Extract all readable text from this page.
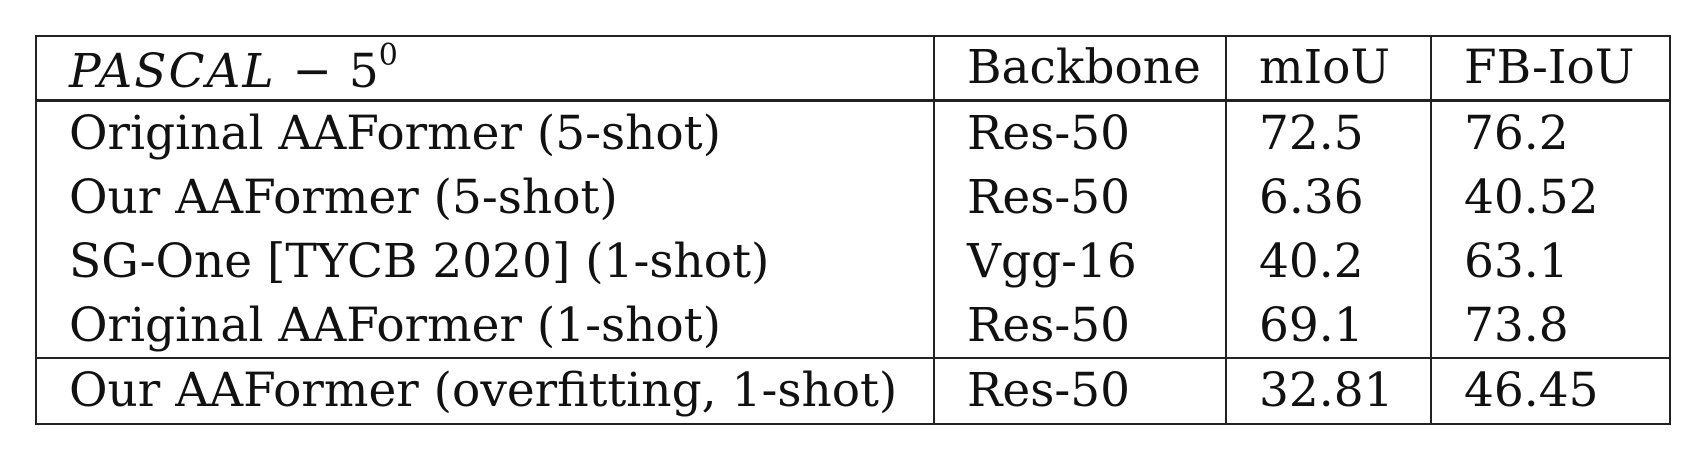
PASCAL − $5^0$	Backbone	mIoU	FB-IoU
Original AAFormer (5-shot)	Res-50	72.5	76.2
Our AAFormer (5-shot)	Res-50	6.36	40.52
SG-One [TYCB 2020] (1-shot)	Vgg-16	40.2	63.1
Original AAFormer (1-shot)	Res-50	69.1	73.8
Our AAFormer (overfitting, 1-shot)	Res-50	32.81	46.45
